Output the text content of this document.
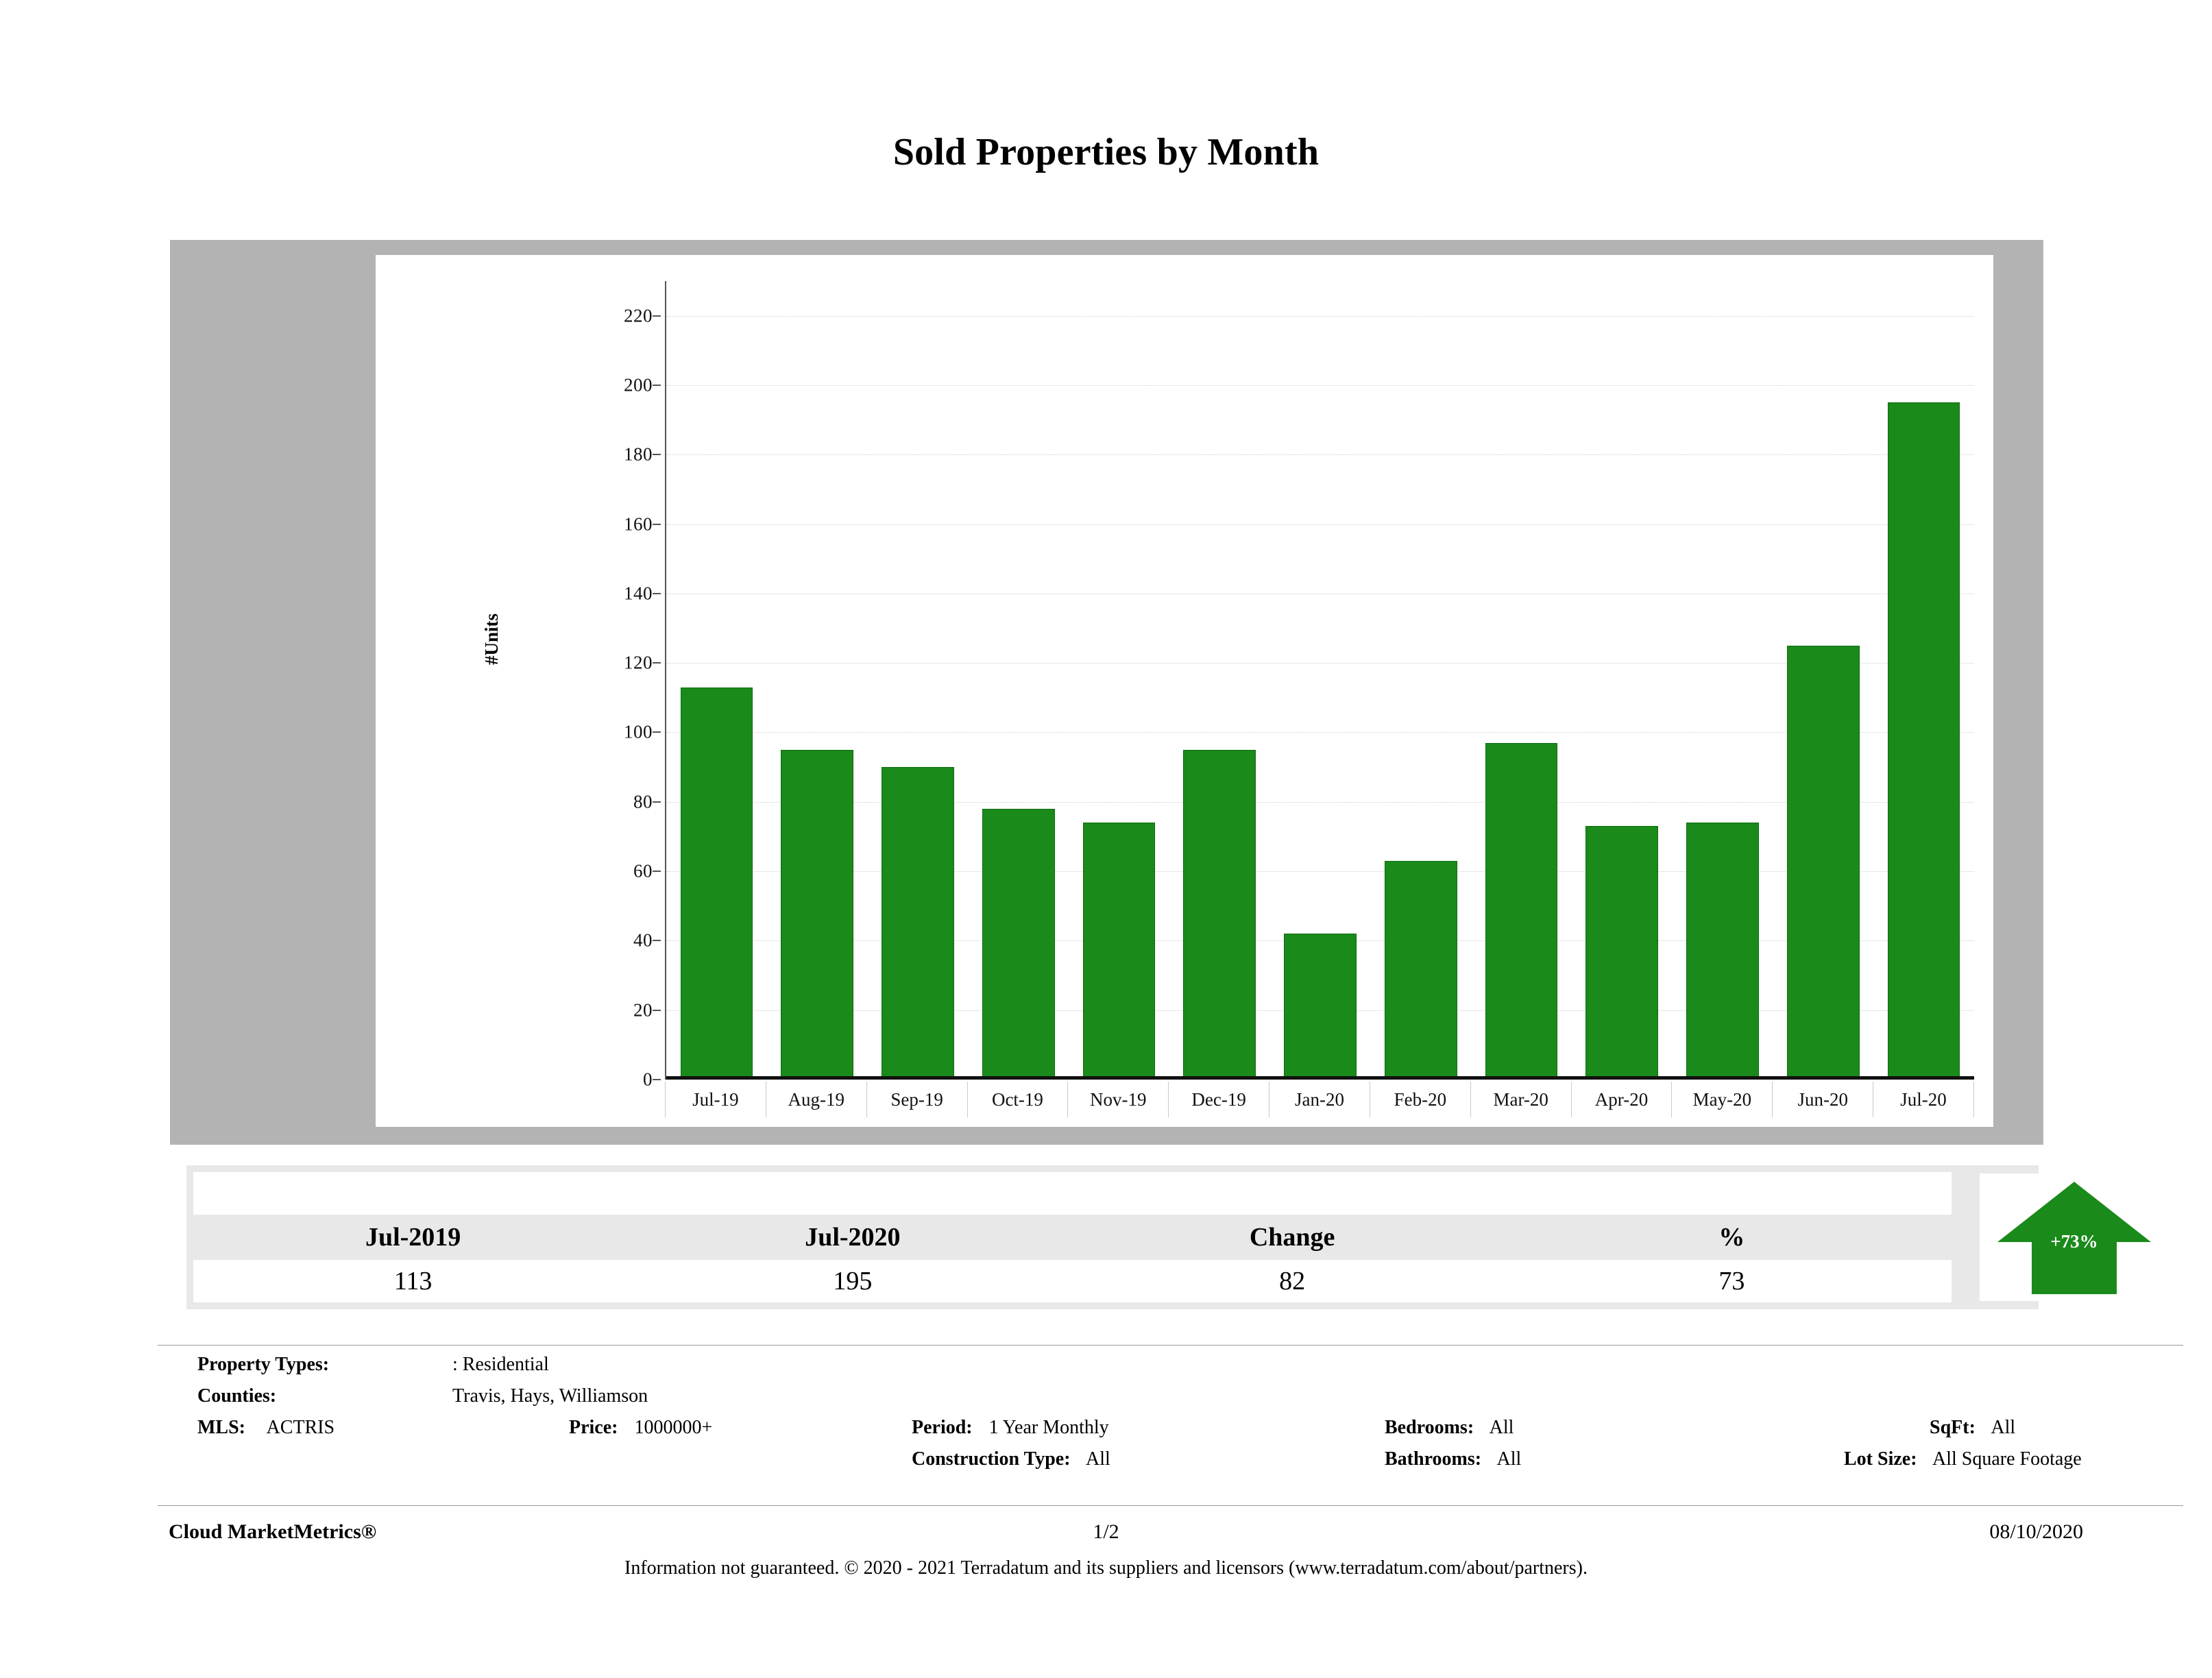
Sold Properties by Month
#Units
0
20
40
60
80
100
120
140
160
180
200
220
Jul-19	Aug-19	Sep-19	Oct-19	Nov-19	Dec-19	Jan-20	Feb-20	Mar-20	Apr-20	May-20	Jun-20	Jul-20
Jul-2019	Jul-2020	Change	%
113	195	82	73
+73%
Property Types:	: Residential
Counties:	Travis, Hays, Williamson
MLS: ACTRIS	Price: 1000000+	Period: 1 Year Monthly	Bedrooms: All	SqFt: All
Construction Type: All	Bathrooms: All	Lot Size: All Square Footage
Cloud MarketMetrics®	1/2	08/10/2020
Information not guaranteed. © 2020 - 2021 Terradatum and its suppliers and licensors (www.terradatum.com/about/partners).
